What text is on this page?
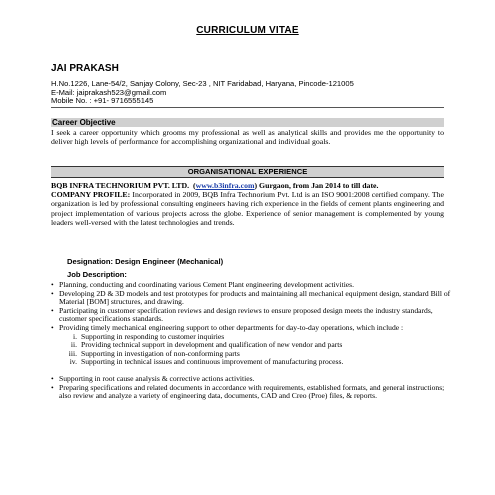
CURRICULUM VITAE
JAI PRAKASH
H.No.1226, Lane-54/2, Sanjay Colony, Sec-23 , NIT Faridabad, Haryana, Pincode-121005
E-Mail: jaiprakash523@gmail.com
Mobile No. : +91- 9716555145
Career Objective
I seek a career opportunity which grooms my professional as well as analytical skills and provides me the opportunity to deliver high levels of performance for accomplishing organizational and individual goals.
ORGANISATIONAL EXPERIENCE
BQB INFRA TECHNORIUM PVT. LTD. (www.b3infra.com) Gurgaon, from Jan 2014 to till date.
COMPANY PROFILE: Incorporated in 2009, BQB Infra Technorium Pvt. Ltd is an ISO 9001:2008 certified company. The organization is led by professional consulting engineers having rich experience in the fields of cement plants engineering and project implementation of various projects across the globe. Experience of senior management is complemented by young leaders well-versed with the latest technologies and trends.
Designation: Design Engineer (Mechanical)
Job Description:
• Planning, conducting and coordinating various Cement Plant engineering development activities.
• Developing 2D & 3D models and test prototypes for products and maintaining all mechanical equipment design, standard Bill of Material [BOM] structures, and drawing.
• Participating in customer specification reviews and design reviews to ensure proposed design meets the industry standards, customer specifications standards.
• Providing timely mechanical engineering support to other departments for day-to-day operations, which include :
i. Supporting in responding to customer inquiries
ii. Providing technical support in development and qualification of new vendor and parts
iii. Supporting in investigation of non-conforming parts
iv. Supporting in technical issues and continuous improvement of manufacturing process.
• Supporting in root cause analysis & corrective actions activities.
• Preparing specifications and related documents in accordance with requirements, established formats, and general instructions; also review and analyze a variety of engineering data, documents, CAD and Creo (Proe) files, & reports.
